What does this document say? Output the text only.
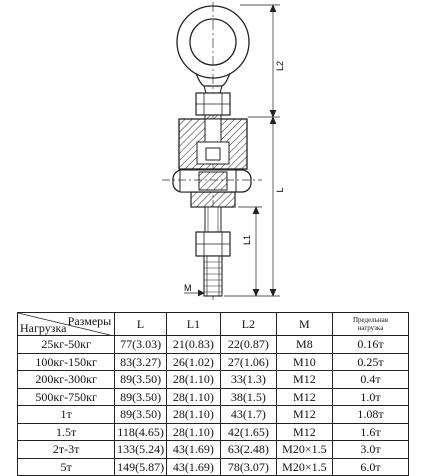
L2
L
L1
M
Размеры
Нагрузка	L	L1	L2	M	Предельная
нагрузка

25кг-50кг	77(3.03)	21(0.83)	22(0.87)	M8	0.16т
100кг-150кг	83(3.27)	26(1.02)	27(1.06)	M10	0.25т
200кг-300кг	89(3.50)	28(1.10)	33(1.3)	M12	0.4т
500кг-750кг	89(3.50)	28(1.10)	38(1.5)	M12	1.0т
1т	89(3.50)	28(1.10)	43(1.7)	M12	1.08т
1.5т	118(4.65)	28(1.10)	42(1.65)	M12	1.6т
2т-3т	133(5.24)	43(1.69)	63(2.48)	M20×1.5	3.0т
5т	149(5.87)	43(1.69)	78(3.07)	M20×1.5	6.0т
